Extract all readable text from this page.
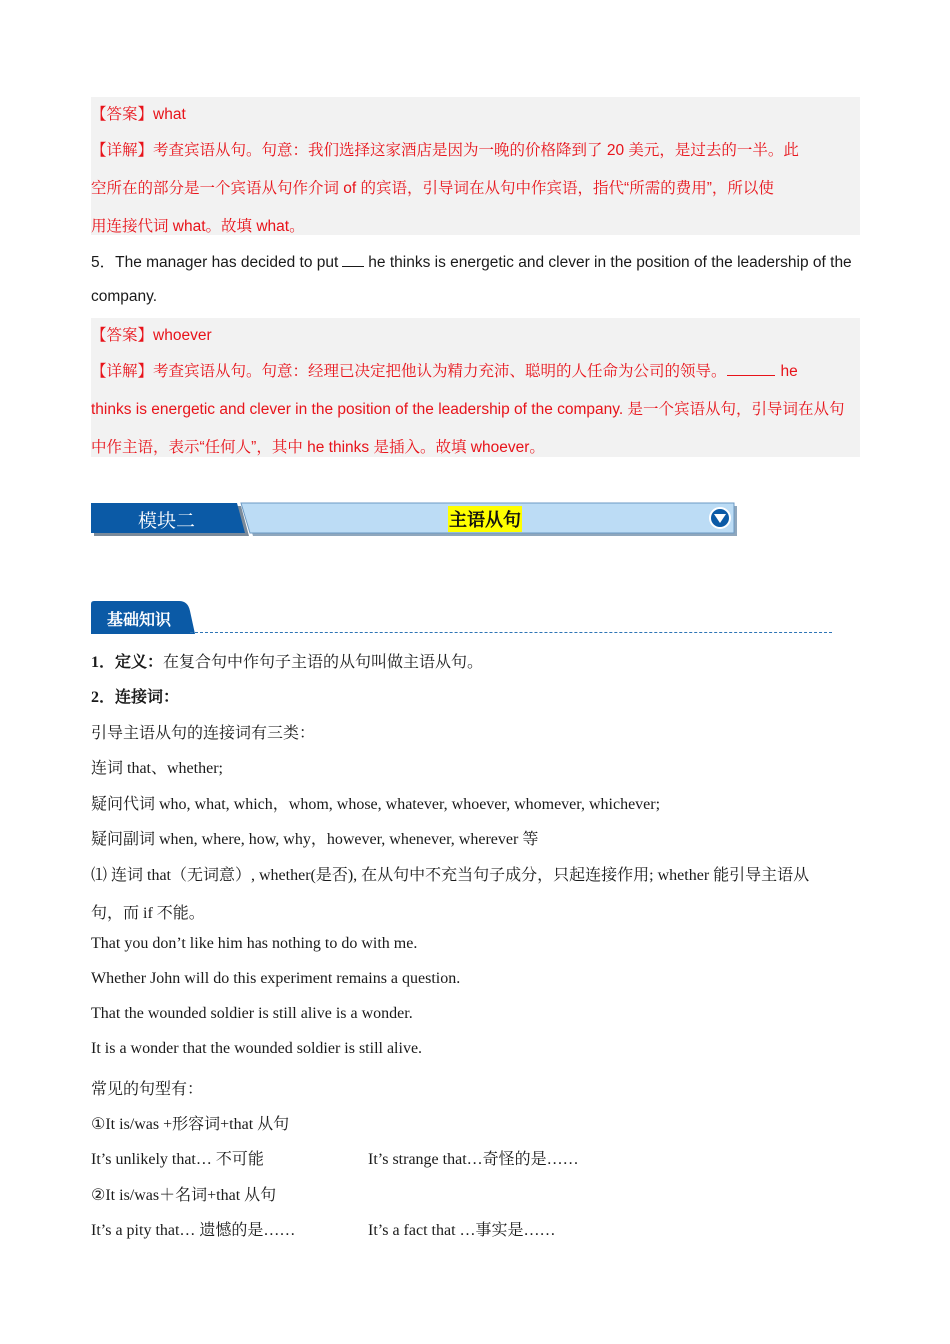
【答案】what
【详解】考查宾语从句。句意：我们选择这家酒店是因为一晚的价格降到了 20 美元，是过去的一半。此
空所在的部分是一个宾语从句作介词 of 的宾语，引导词在从句中作宾语，指代“所需的费用”，所以使
用连接代词 what。故填 what。
5．The manager has decided to put he thinks is energetic and clever in the position of the leadership of the
company.
【答案】whoever
【详解】考查宾语从句。句意：经理已决定把他认为精力充沛、聪明的人任命为公司的领导。	he
thinks is energetic and clever in the position of the leadership of the company. 是一个宾语从句，引导词在从句
中作主语，表示“任何人”，其中 he thinks 是插入。故填 whoever。
模块二	主语从句
基础知识
1．定义：在复合句中作句子主语的从句叫做主语从句。
2．连接词：
引导主语从句的连接词有三类：
连词 that、whether;
疑问代词 who, what, which，whom, whose, whatever, whoever, whomever, whichever;
疑问副词 when, where, how, why，however, whenever, wherever 等
⑴ 连词 that（无词意）, whether(是否), 在从句中不充当句子成分，只起连接作用; whether 能引导主语从
句，而 if 不能。
That you don’t like him has nothing to do with me.
Whether John will do this experiment remains a question.
That the wounded soldier is still alive is a wonder.
It is a wonder that the wounded soldier is still alive.
常见的句型有：
①It is/was +形容词+that 从句
It’s unlikely that… 不可能	It’s strange that…奇怪的是……
②It is/was＋名词+that 从句
It’s a pity that… 遗憾的是……	It’s a fact that …事实是……
